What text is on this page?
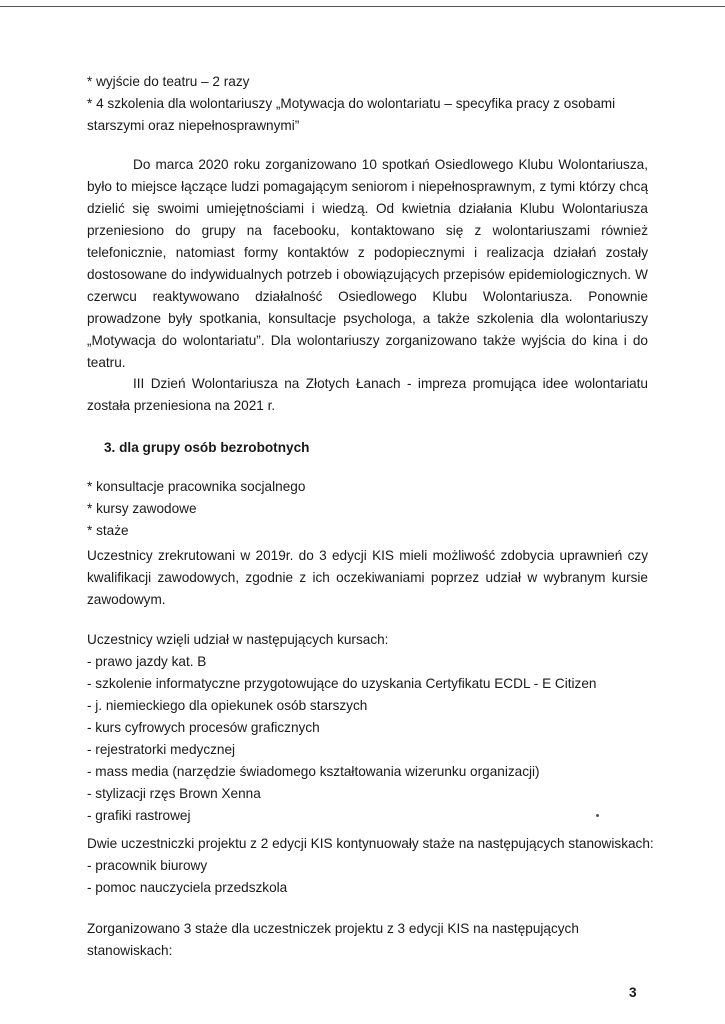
* wyjście do teatru – 2 razy
* 4 szkolenia dla wolontariuszy „Motywacja do wolontariatu – specyfika pracy z osobami
starszymi oraz niepełnosprawnymi”

Do marca 2020 roku zorganizowano 10 spotkań Osiedlowego Klubu Wolontariusza, było to miejsce łączące ludzi pomagającym seniorom i niepełnosprawnym, z tymi którzy chcą dzielić się swoimi umiejętnościami i wiedzą. Od kwietnia działania Klubu Wolontariusza przeniesiono do grupy na facebooku, kontaktowano się z wolontariuszami również telefonicznie, natomiast formy kontaktów z podopiecznymi i realizacja działań zostały dostosowane do indywidualnych potrzeb i obowiązujących przepisów epidemiologicznych. W czerwcu reaktywowano działalność Osiedlowego Klubu Wolontariusza. Ponownie prowadzone były spotkania, konsultacje psychologa, a także szkolenia dla wolontariuszy „Motywacja do wolontariatu”. Dla wolontariuszy zorganizowano także wyjścia do kina i do teatru.

III Dzień Wolontariusza na Złotych Łanach - impreza promująca idee wolontariatu została przeniesiona na 2021 r.

3. dla grupy osób bezrobotnych
* konsultacje pracownika socjalnego
* kursy zawodowe
* staże

Uczestnicy zrekrutowani w 2019r. do 3 edycji KIS mieli możliwość zdobycia uprawnień czy kwalifikacji zawodowych, zgodnie z ich oczekiwaniami poprzez udział w wybranym kursie zawodowym.

Uczestnicy wzięli udział w następujących kursach:
- prawo jazdy kat. B
- szkolenie informatyczne przygotowujące do uzyskania Certyfikatu ECDL - E Citizen
- j. niemieckiego dla opiekunek osób starszych
- kurs cyfrowych procesów graficznych
- rejestratorki medycznej
- mass media (narzędzie świadomego kształtowania wizerunku organizacji)
- stylizacji rzęs Brown Xenna
- grafiki rastrowej
Dwie uczestniczki projektu z 2 edycji KIS kontynuowały staże na następujących stanowiskach:
- pracownik biurowy
- pomoc nauczyciela przedszkola

Zorganizowano 3 staże dla uczestniczek projektu z 3 edycji KIS na następujących stanowiskach:

3
